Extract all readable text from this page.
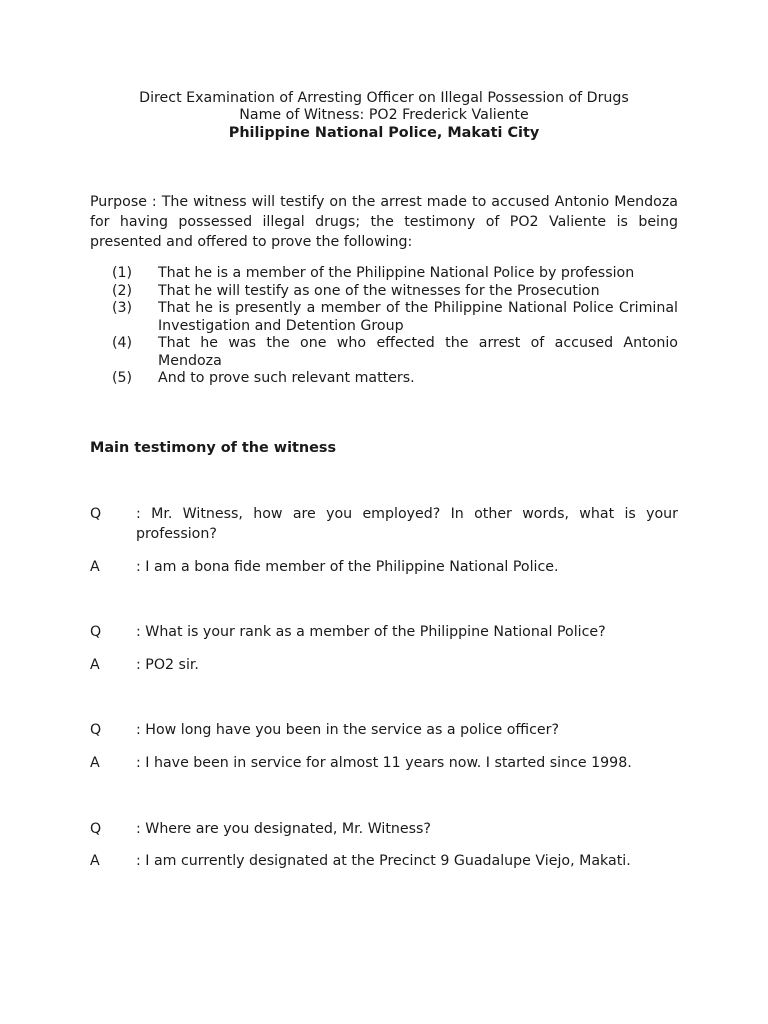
Direct Examination of Arresting Officer on Illegal Possession of Drugs
Name of Witness: PO2 Frederick Valiente
Philippine National Police, Makati City
Purpose : The witness will testify on the arrest made to accused Antonio Mendoza for having possessed illegal drugs; the testimony of PO2 Valiente is being presented and offered to prove the following:
(1)	That he is a member of the Philippine National Police by profession
(2)	That he will testify as one of the witnesses for the Prosecution
(3)	That he is presently a member of the Philippine National Police Criminal Investigation and Detention Group
(4)	That he was the one who effected the arrest of accused Antonio Mendoza
(5)	And to prove such relevant matters.
Main testimony of the witness
Q	: Mr. Witness, how are you employed? In other words, what is your profession?
A	: I am a bona fide member of the Philippine National Police.
Q	: What is your rank as a member of the Philippine National Police?
A	: PO2 sir.
Q	: How long have you been in the service as a police officer?
A	: I have been in service for almost 11 years now. I started since 1998.
Q	: Where are you designated, Mr. Witness?
A	: I am currently designated at the Precinct 9 Guadalupe Viejo, Makati.
